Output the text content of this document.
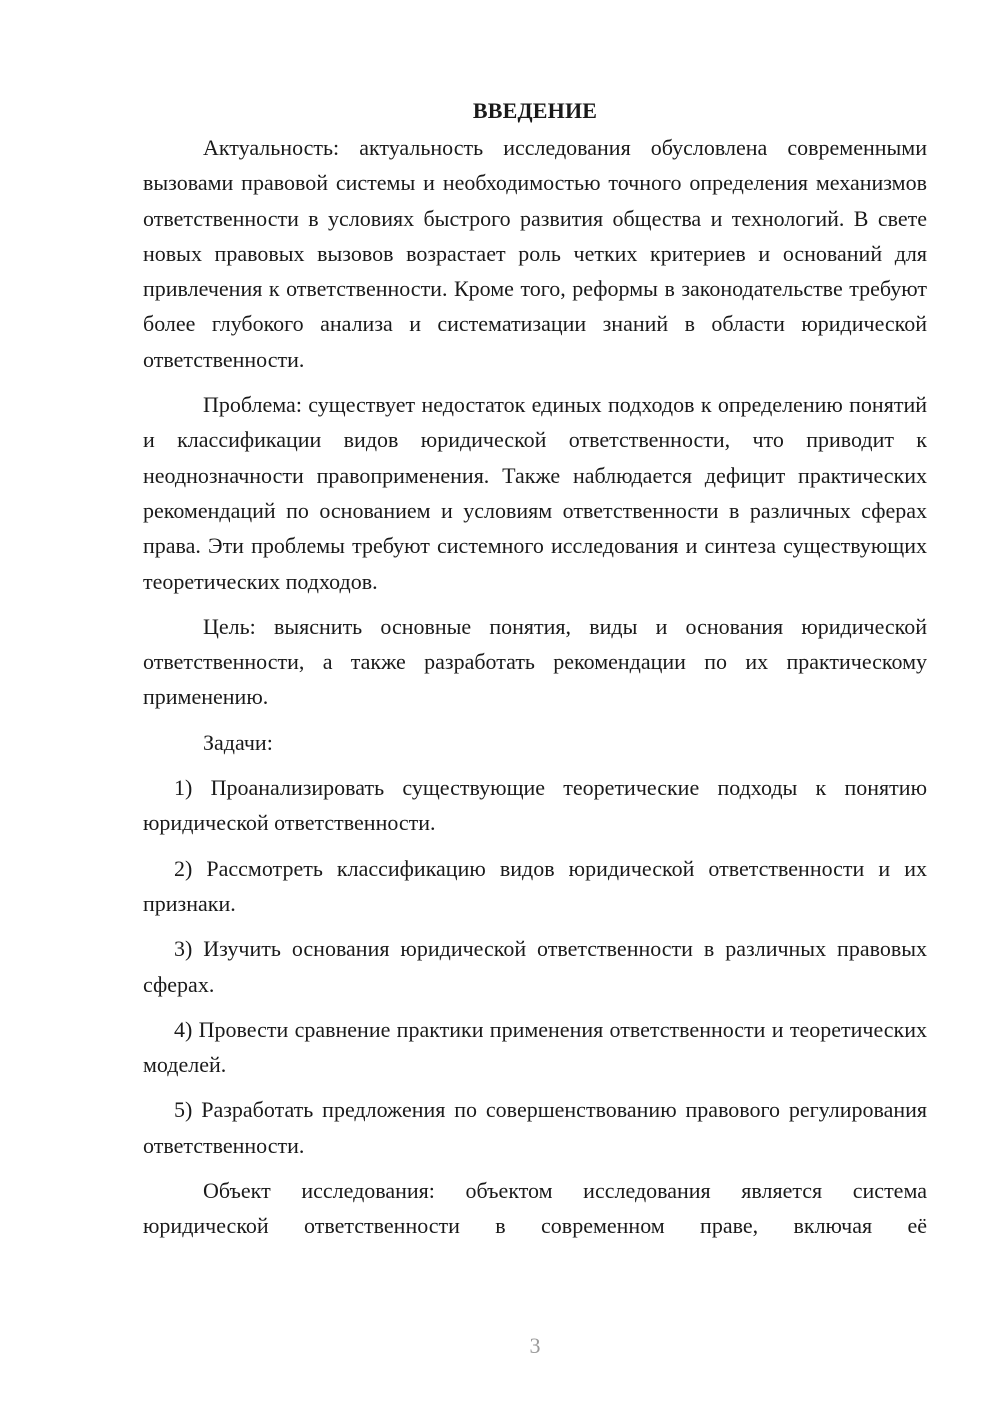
ВВЕДЕНИЕ

Актуальность: актуальность исследования обусловлена современными вызовами правовой системы и необходимостью точного определения механизмов ответственности в условиях быстрого развития общества и технологий. В свете новых правовых вызовов возрастает роль четких критериев и оснований для привлечения к ответственности. Кроме того, реформы в законодательстве требуют более глубокого анализа и систематизации знаний в области юридической ответственности.

Проблема: существует недостаток единых подходов к определению понятий и классификации видов юридической ответственности, что приводит к неоднозначности правоприменения. Также наблюдается дефицит практических рекомендаций по основанием и условиям ответственности в различных сферах права. Эти проблемы требуют системного исследования и синтеза существующих теоретических подходов.

Цель: выяснить основные понятия, виды и основания юридической ответственности, а также разработать рекомендации по их практическому применению.

Задачи:

1) Проанализировать существующие теоретические подходы к понятию юридической ответственности.

2) Рассмотреть классификацию видов юридической ответственности и их признаки.

3) Изучить основания юридической ответственности в различных правовых сферах.

4) Провести сравнение практики применения ответственности и теоретических моделей.

5) Разработать предложения по совершенствованию правового регулирования ответственности.

Объект исследования: объектом исследования является система юридической ответственности в современном праве, включая её

3
